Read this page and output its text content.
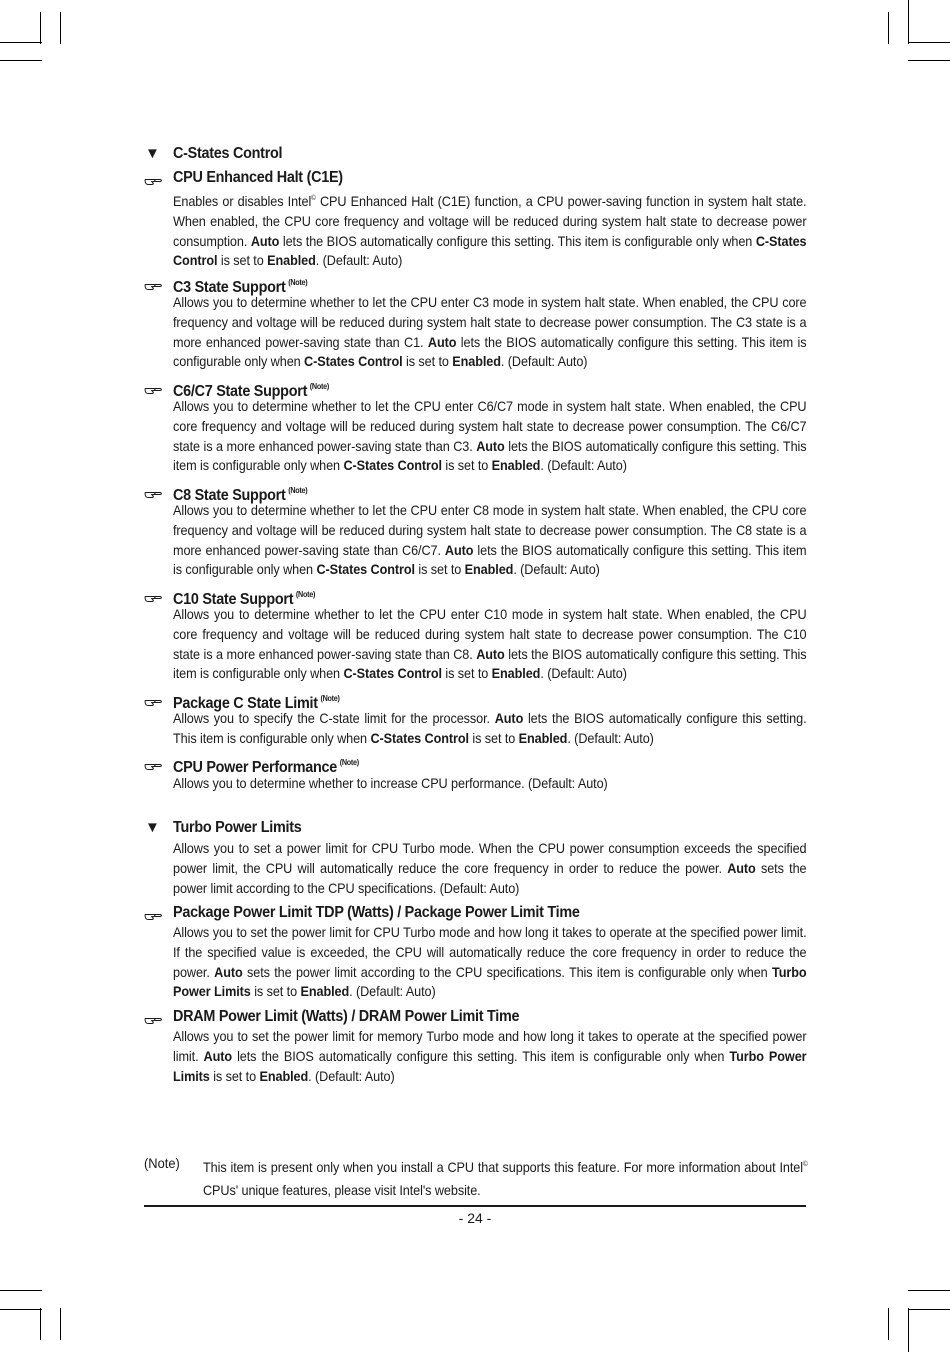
▼ C-States Control
CPU Enhanced Halt (C1E)
Enables or disables Intel© CPU Enhanced Halt (C1E) function, a CPU power-saving function in system halt state. When enabled, the CPU core frequency and voltage will be reduced during system halt state to decrease power consumption. Auto lets the BIOS automatically configure this setting. This item is configurable only when C-States Control is set to Enabled. (Default: Auto)
C3 State Support $^{(Note)}$
Allows you to determine whether to let the CPU enter C3 mode in system halt state. When enabled, the CPU core frequency and voltage will be reduced during system halt state to decrease power consumption. The C3 state is a more enhanced power-saving state than C1. Auto lets the BIOS automatically configure this setting. This item is configurable only when C-States Control is set to Enabled. (Default: Auto)
C6/C7 State Support $^{(Note)}$
Allows you to determine whether to let the CPU enter C6/C7 mode in system halt state. When enabled, the CPU core frequency and voltage will be reduced during system halt state to decrease power consumption. The C6/C7 state is a more enhanced power-saving state than C3. Auto lets the BIOS automatically configure this setting. This item is configurable only when C-States Control is set to Enabled. (Default: Auto)
C8 State Support $^{(Note)}$
Allows you to determine whether to let the CPU enter C8 mode in system halt state. When enabled, the CPU core frequency and voltage will be reduced during system halt state to decrease power consumption. The C8 state is a more enhanced power-saving state than C6/C7. Auto lets the BIOS automatically configure this setting. This item is configurable only when C-States Control is set to Enabled. (Default: Auto)
C10 State Support $^{(Note)}$
Allows you to determine whether to let the CPU enter C10 mode in system halt state. When enabled, the CPU core frequency and voltage will be reduced during system halt state to decrease power consumption. The C10 state is a more enhanced power-saving state than C8. Auto lets the BIOS automatically configure this setting. This item is configurable only when C-States Control is set to Enabled. (Default: Auto)
Package C State Limit $^{(Note)}$
Allows you to specify the C-state limit for the processor. Auto lets the BIOS automatically configure this setting. This item is configurable only when C-States Control is set to Enabled. (Default: Auto)
CPU Power Performance $^{(Note)}$
Allows you to determine whether to increase CPU performance. (Default: Auto)
▼ Turbo Power Limits
Allows you to set a power limit for CPU Turbo mode. When the CPU power consumption exceeds the specified power limit, the CPU will automatically reduce the core frequency in order to reduce the power. Auto sets the power limit according to the CPU specifications. (Default: Auto)
Package Power Limit TDP (Watts) / Package Power Limit Time
Allows you to set the power limit for CPU Turbo mode and how long it takes to operate at the specified power limit. If the specified value is exceeded, the CPU will automatically reduce the core frequency in order to reduce the power. Auto sets the power limit according to the CPU specifications. This item is configurable only when Turbo Power Limits is set to Enabled. (Default: Auto)
DRAM Power Limit (Watts) / DRAM Power Limit Time
Allows you to set the power limit for memory Turbo mode and how long it takes to operate at the specified power limit. Auto lets the BIOS automatically configure this setting. This item is configurable only when Turbo Power Limits is set to Enabled. (Default: Auto)
(Note) This item is present only when you install a CPU that supports this feature. For more information about Intel© CPUs' unique features, please visit Intel's website.
- 24 -
